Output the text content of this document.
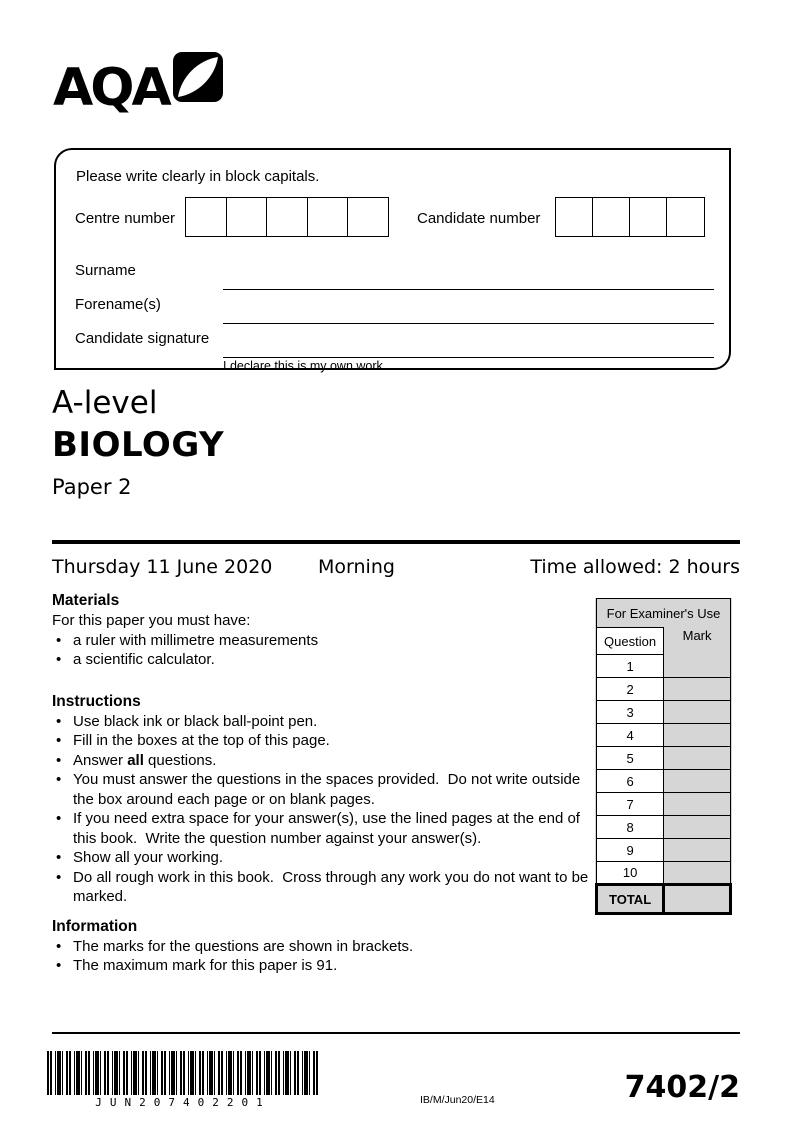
AQA
Please write clearly in block capitals.
Centre number	Candidate number
Surname
Forename(s)
Candidate signature
I declare this is my own work.
A-level
BIOLOGY
Paper 2
Thursday 11 June 2020	Morning	Time allowed: 2 hours
Materials
For this paper you must have:
• a ruler with millimetre measurements
• a scientific calculator.
Instructions
• Use black ink or black ball-point pen.
• Fill in the boxes at the top of this page.
• Answer all questions.
• You must answer the questions in the spaces provided.  Do not write outside the box around each page or on blank pages.
• If you need extra space for your answer(s), use the lined pages at the end of this book.  Write the question number against your answer(s).
• Show all your working.
• Do all rough work in this book.  Cross through any work you do not want to be marked.
Information
• The marks for the questions are shown in brackets.
• The maximum mark for this paper is 91.
For Examiner's Use	
Question	Mark
1	
2	
3	
4	
5	
6	
7	
8	
9	
10	
TOTAL	
JUN207402201	IB/M/Jun20/E14	7402/2
